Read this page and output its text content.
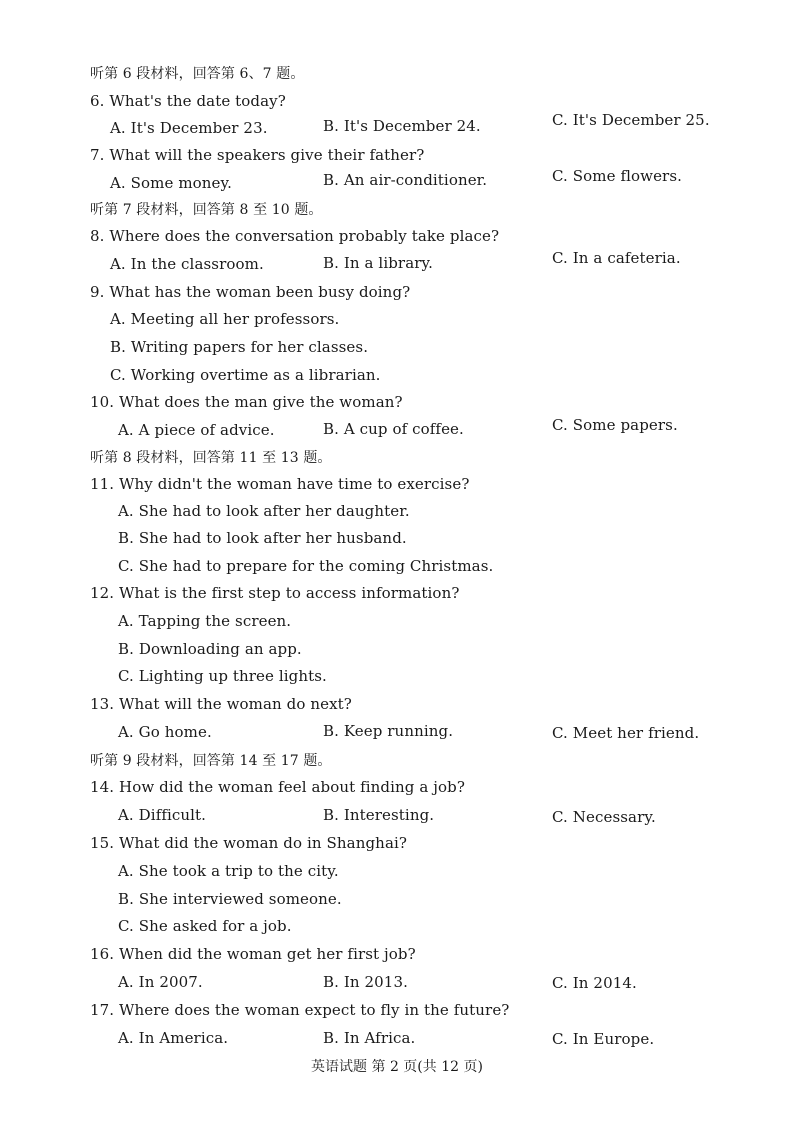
听第 6 段材料，回答第 6、7 题。
6. What's the date today?
A. It's December 23.	B. It's December 24.	C. It's December 25.
7. What will the speakers give their father?
A. Some money.	B. An air-conditioner.	C. Some flowers.
听第 7 段材料，回答第 8 至 10 题。
8. Where does the conversation probably take place?
A. In the classroom.	B. In a library.	C. In a cafeteria.
9. What has the woman been busy doing?
A. Meeting all her professors.
B. Writing papers for her classes.
C. Working overtime as a librarian.
10. What does the man give the woman?
A. A piece of advice.	B. A cup of coffee.	C. Some papers.
听第 8 段材料，回答第 11 至 13 题。
11. Why didn't the woman have time to exercise?
A. She had to look after her daughter.
B. She had to look after her husband.
C. She had to prepare for the coming Christmas.
12. What is the first step to access information?
A. Tapping the screen.
B. Downloading an app.
C. Lighting up three lights.
13. What will the woman do next?
A. Go home.	B. Keep running.	C. Meet her friend.
听第 9 段材料，回答第 14 至 17 题。
14. How did the woman feel about finding a job?
A. Difficult.	B. Interesting.	C. Necessary.
15. What did the woman do in Shanghai?
A. She took a trip to the city.
B. She interviewed someone.
C. She asked for a job.
16. When did the woman get her first job?
A. In 2007.	B. In 2013.	C. In 2014.
17. Where does the woman expect to fly in the future?
A. In America.	B. In Africa.	C. In Europe.
英语试题 第 2 页(共 12 页)
